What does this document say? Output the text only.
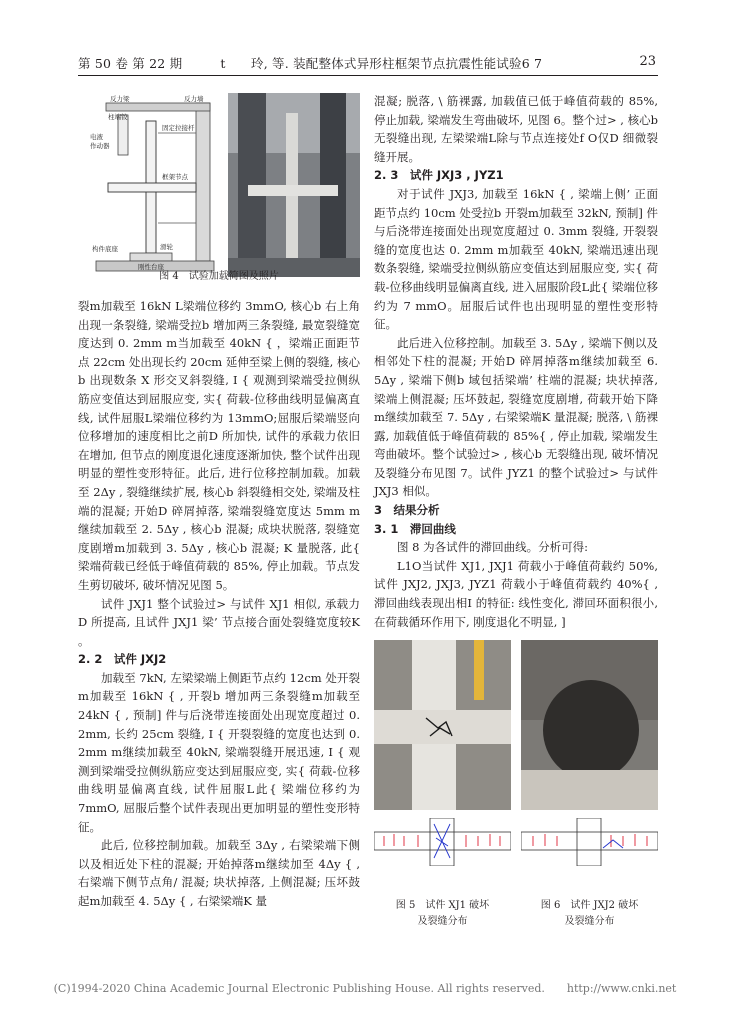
第 50 卷 第 22 期　　　t　　玲, 等. 装配整体式异形柱框架节点抗震性能试验6 7	23
反力梁	反力墙
柱端铰
电液
作动器
固定拉接杆
框架节点
滑轮
构件底座
刚性台座
图 4　试验加载简图及照片

裂m加载至 16kN L梁端位移约 3mmO, 核心b 右上角出现一条裂缝, 梁端受拉b 增加两三条裂缝, 最宽裂缝宽度达到 0. 2mm m当加载至 40kN { ，梁端正面距节点 22cm 处出现长约 20cm 延伸至梁上侧的裂缝, 核心b 出现数条 X 形交叉斜裂缝, I { 观测到梁端受拉侧纵筋应变值达到屈服应变, 实{ 荷载-位移曲线明显偏离直线, 试件屈服L梁端位移约为 13mmO;屈服后梁端竖向位移增加的速度相比之前D 所加快, 试件的承载力依旧在增加, 但节点的刚度退化速度逐渐加快, 整个试件出现明显的塑性变形特征。此后, 进行位移控制加载。加载至 2Δy , 裂缝继续扩展, 核心b 斜裂缝相交处, 梁端及柱端的混凝; 开始D 碎屑掉落, 梁端裂缝宽度达 5mm m继续加载至 2. 5Δy , 核心b 混凝; 成块状脱落, 裂缝宽度剧增m加载到 3. 5Δy , 核心b 混凝; K 量脱落, 此{ 梁端荷载已经低于峰值荷载的 85%, 停止加载。节点发生剪切破坏, 破坏情况见图 5。

试件 JXJ1 整个试验过> 与试件 XJ1 相似, 承载力D 所提高, 且试件 JXJ1 梁’ 节点接合面处裂缝宽度较K 。

2. 2　试件 JXJ2

加载至 7kN, 左梁梁端上侧距节点约 12cm 处开裂m加载至 16kN { , 开裂b 增加两三条裂缝m加载至 24kN { , 预制] 件与后浇带连接面处出现宽度超过 0. 2mm, 长约 25cm 裂缝, I { 开裂裂缝的宽度也达到 0. 2mm m继续加载至 40kN, 梁端裂缝开展迅速, I { 观测到梁端受拉侧纵筋应变达到屈服应变, 实{ 荷载-位移曲线明显偏离直线, 试件屈服L此{ 梁端位移约为 7mmO, 屈服后整个试件表现出更加明显的塑性变形特征。

此后, 位移控制加载。加载至 3Δy , 右梁梁端下侧以及相近处下柱的混凝; 开始掉落m继续加至 4Δy { , 右梁端下侧节点角/ 混凝; 块状掉落, 上侧混凝; 压坏鼓起m加载至 4. 5Δy { , 右梁梁端K 量

混凝; 脱落, \ 筋裸露, 加载值已低于峰值荷载的 85%, 停止加载, 梁端发生弯曲破坏, 见图 6。整个过> , 核心b 无裂缝出现, 左梁梁端L除与节点连接处f O仅D 细微裂缝开展。

2. 3　试件 JXJ3 , JYZ1

对于试件 JXJ3, 加载至 16kN { , 梁端上侧’ 正面距节点约 10cm 处受拉b 开裂m加载至 32kN, 预制] 件与后浇带连接面处出现宽度超过 0. 3mm 裂缝, 开裂裂缝的宽度也达 0. 2mm m加载至 40kN, 梁端迅速出现数条裂缝, 梁端受拉侧纵筋应变值达到屈服应变, 实{ 荷载-位移曲线明显偏离直线, 进入屈服阶段L此{ 梁端位移约为 7 mmO。屈服后试件也出现明显的塑性变形特征。

此后进入位移控制。加载至 3. 5Δy , 梁端下侧以及相邻处下柱的混凝; 开始D 碎屑掉落m继续加载至 6. 5Δy , 梁端下侧b 域包括梁端’ 柱端的混凝; 块状掉落, 梁端上侧混凝; 压坏鼓起, 裂缝宽度剧增, 荷载开始下降m继续加载至 7. 5Δy , 右梁梁端K 量混凝; 脱落, \ 筋裸露, 加载值低于峰值荷载的 85%{ , 停止加载, 梁端发生弯曲破坏。整个试验过> , 核心b 无裂缝出现, 破坏情况及裂缝分布见图 7。试件 JYZ1 的整个试验过> 与试件 JXJ3 相似。

3　结果分析
3. 1　滞回曲线

图 8 为各试件的滞回曲线。分析可得:

L1O当试件 XJ1, JXJ1 荷载小于峰值荷载约 50%, 试件 JXJ2, JXJ3, JYZ1 荷载小于峰值荷载约 40%{ , 滞回曲线表现出相I 的特征: 线性变化, 滞回环面积很小, 在荷载循环作用下, 刚度退化不明显, ]

图 5　试件 XJ1 破坏
及裂缝分布
图 6　试件 JXJ2 破坏
及裂缝分布
(C)1994-2020 China Academic Journal Electronic Publishing House. All rights reserved.　　http://www.cnki.net
